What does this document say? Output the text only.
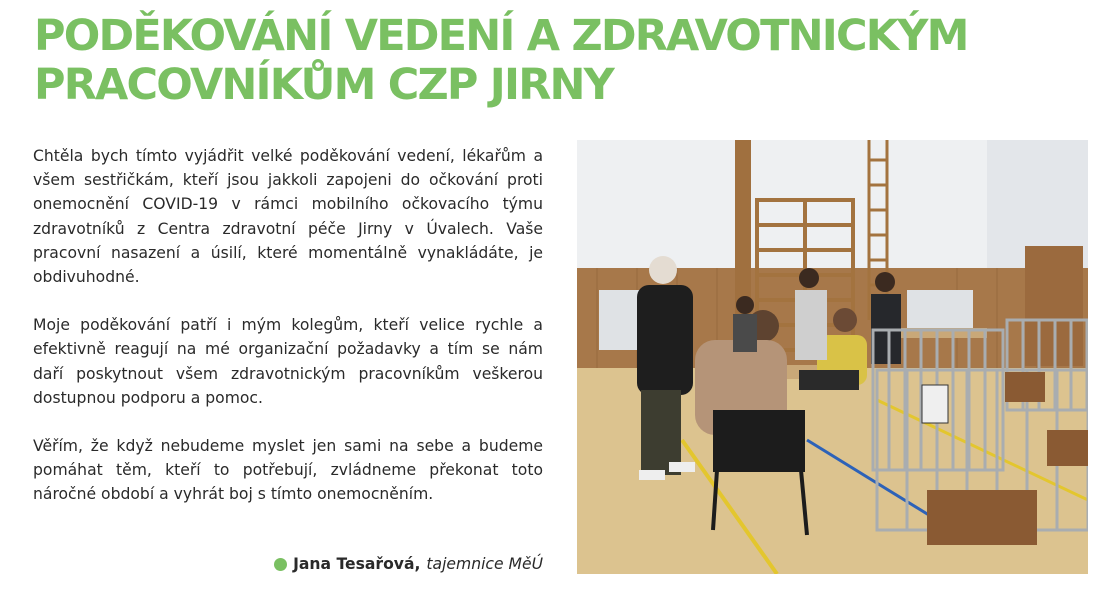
PODĚKOVÁNÍ VEDENÍ A ZDRAVOTNICKÝM PRACOVNÍKŮM CZP JIRNY

Chtěla bych tímto vyjádřit velké poděkování vedení, lékařům a všem sestřičkám, kteří jsou jakkoli zapojeni do očkování proti onemocnění COVID-19 v rámci mobilního očkovacího týmu zdravotníků z Centra zdravotní péče Jirny v Úvalech. Vaše pracovní nasazení a úsilí, které momentálně vynakládáte, je obdivuhodné.

Moje poděkování patří i mým kolegům, kteří velice rychle a efektivně reagují na mé organizační požadavky a tím se nám daří poskytnout všem zdravotnickým pracovníkům veškerou dostupnou podporu a pomoc.

Věřím, že když nebudeme myslet jen sami na sebe a budeme pomáhat těm, kteří to potřebují, zvládneme překonat toto náročné období a vyhrát boj s tímto onemocněním.

Jana Tesařová, tajemnice MěÚ
